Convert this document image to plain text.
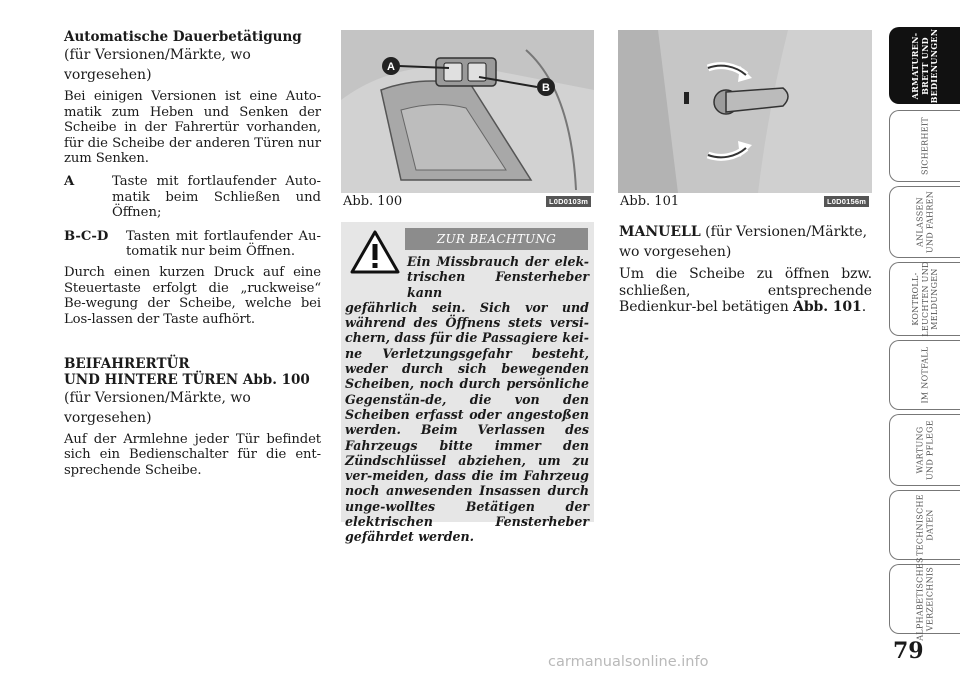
Automatische Dauerbetätigung

(für Versionen/Märkte, wo vorgesehen)

Bei einigen Versionen ist eine Auto-matik zum Heben und Senken der Scheibe in der Fahrertür vorhanden, für die Scheibe der anderen Türen nur zum Senken.

A	Taste mit fortlaufender Auto-matik beim Schließen und Öffnen;
B-C-D	Tasten mit fortlaufender Au-tomatik nur beim Öffnen.

Durch einen kurzen Druck auf eine Steuertaste erfolgt die „ruckweise“ Be-wegung der Scheibe, welche bei Los-lassen der Taste aufhört.

BEIFAHRERTÜR
UND HINTERE TÜREN Abb. 100

(für Versionen/Märkte, wo vorgesehen)

Auf der Armlehne jeder Tür befindet sich ein Bedienschalter für die ent-sprechende Scheibe.

A
B
Abb. 100	L0D0103m
ZUR BEACHTUNG
Ein Missbrauch der elek-trischen Fensterheber kann
gefährlich sein. Sich vor und während des Öffnens stets versi-chern, dass für die Passagiere kei-ne Verletzungsgefahr besteht, weder durch sich bewegenden Scheiben, noch durch persönliche Gegenstän-de, die von den Scheiben erfasst oder angestoßen werden. Beim Verlassen des Fahrzeugs bitte immer den Zündschlüssel abziehen, um zu ver-meiden, dass die im Fahrzeug noch anwesenden Insassen durch unge-wolltes Betätigen der elektrischen Fensterheber gefährdet werden.
Abb. 101	L0D0156m

MANUELL (für Versionen/Märkte, wo vorgesehen)

Um die Scheibe zu öffnen bzw. schließen, entsprechende Bedienkur-bel betätigen Abb. 101.

ARMATUREN-
BRETT UND
BEDIENUNGEN
SICHERHEIT
ANLASSEN
UND FAHREN
KONTROLL-
LEUCHTEN UND
MELDUNGEN
IM NOTFALL
WARTUNG
UND PFLEGE
TECHNISCHE
DATEN
ALPHABETISCHES
VERZEICHNIS
79
carmanualsonline.info
